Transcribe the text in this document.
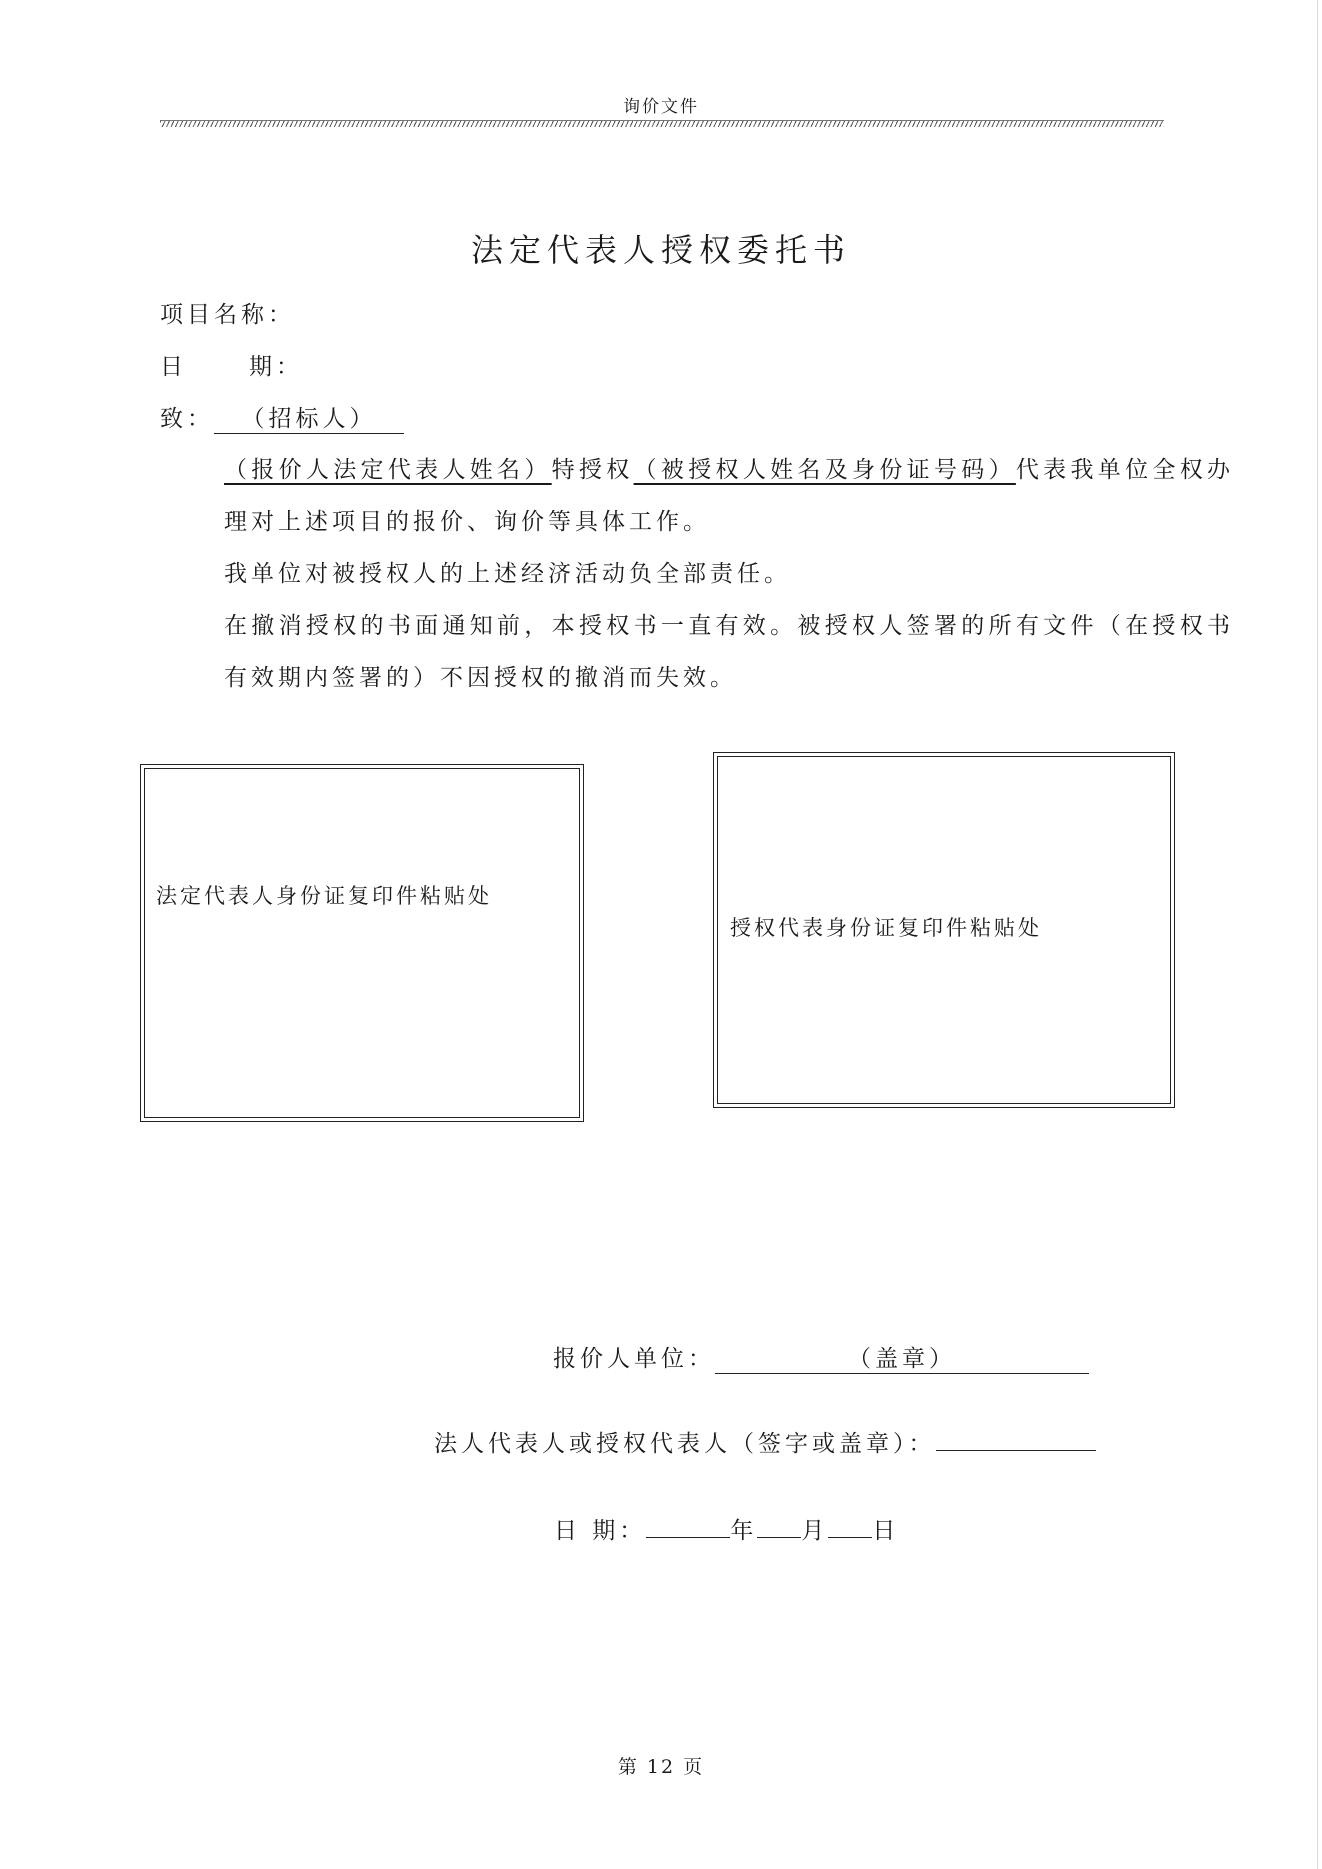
询价文件
法定代表人授权委托书
项目名称：
日	期：
致： （招标人）
（报价人法定代表人姓名）特授权（被授权人姓名及身份证号码）代表我单位全权办理对上述项目的报价、询价等具体工作。
我单位对被授权人的上述经济活动负全部责任。
在撤消授权的书面通知前，本授权书一直有效。被授权人签署的所有文件（在授权书有效期内签署的）不因授权的撤消而失效。
法定代表人身份证复印件粘贴处
授权代表身份证复印件粘贴处
报价人单位：	（盖章）
法人代表人或授权代表人（签字或盖章）：
日 期：	年 月 日
第 12 页
